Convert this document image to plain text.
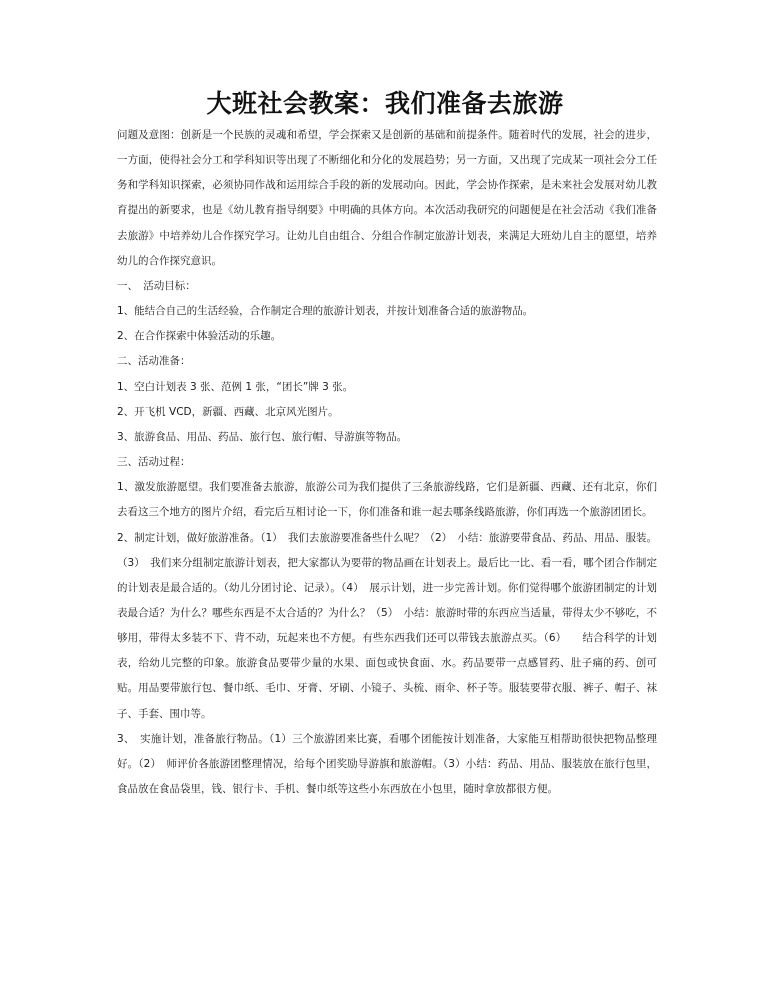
大班社会教案：我们准备去旅游

问题及意图：创新是一个民族的灵魂和希望，学会探索又是创新的基础和前提条件。随着时代的发展，社会的进步，一方面，使得社会分工和学科知识等出现了不断细化和分化的发展趋势；另一方面，又出现了完成某一项社会分工任务和学科知识探索，必须协同作战和运用综合手段的新的发展动向。因此，学会协作探索，是未来社会发展对幼儿教育提出的新要求，也是《幼儿教育指导纲要》中明确的具体方向。本次活动我研究的问题便是在社会活动《我们准备去旅游》中培养幼儿合作探究学习。让幼儿自由组合、分组合作制定旅游计划表，来满足大班幼儿自主的愿望，培养幼儿的合作探究意识。

一、　活动目标：

1、能结合自己的生活经验，合作制定合理的旅游计划表，并按计划准备合适的旅游物品。

2、在合作探索中体验活动的乐趣。

二、活动准备：

1、空白计划表 3 张、范例 1 张，“团长”牌 3 张。

2、开飞机 VCD，新疆、西藏、北京风光图片。

3、旅游食品、用品、药品、旅行包、旅行帽、导游旗等物品。

三、活动过程：

1、激发旅游愿望。我们要准备去旅游，旅游公司为我们提供了三条旅游线路，它们是新疆、西藏、还有北京，你们去看这三个地方的图片介绍，看完后互相讨论一下，你们准备和谁一起去哪条线路旅游，你们再选一个旅游团团长。

2、制定计划，做好旅游准备。（1）　我们去旅游要准备些什么呢？（2）　小结：旅游要带食品、药品、用品、服装。（3）　我们来分组制定旅游计划表，把大家都认为要带的物品画在计划表上。最后比一比、看一看，哪个团合作制定的计划表是最合适的。（幼儿分团讨论、记录）。（4）　展示计划，进一步完善计划。你们觉得哪个旅游团制定的计划表最合适？为什么？哪些东西是不太合适的？为什么？（5）　小结：旅游时带的东西应当适量，带得太少不够吃，不够用，带得太多装不下、背不动，玩起来也不方便。有些东西我们还可以带钱去旅游点买。（6）　　结合科学的计划表，给幼儿完整的印象。旅游食品要带少量的水果、面包或快食面、水。药品要带一点感冒药、肚子痛的药、创可贴。用品要带旅行包、餐巾纸、毛巾、牙膏、牙刷、小镜子、头梳、雨伞、杯子等。服装要带衣服、裤子、帽子、袜子、手套、围巾等。

3、　实施计划，准备旅行物品。（1）三个旅游团来比赛，看哪个团能按计划准备，大家能互相帮助很快把物品整理好。（2）　师评价各旅游团整理情况，给每个团奖励导游旗和旅游帽。（3）小结：药品、用品、服装放在旅行包里，食品放在食品袋里，钱、银行卡、手机、餐巾纸等这些小东西放在小包里，随时拿放都很方便。
